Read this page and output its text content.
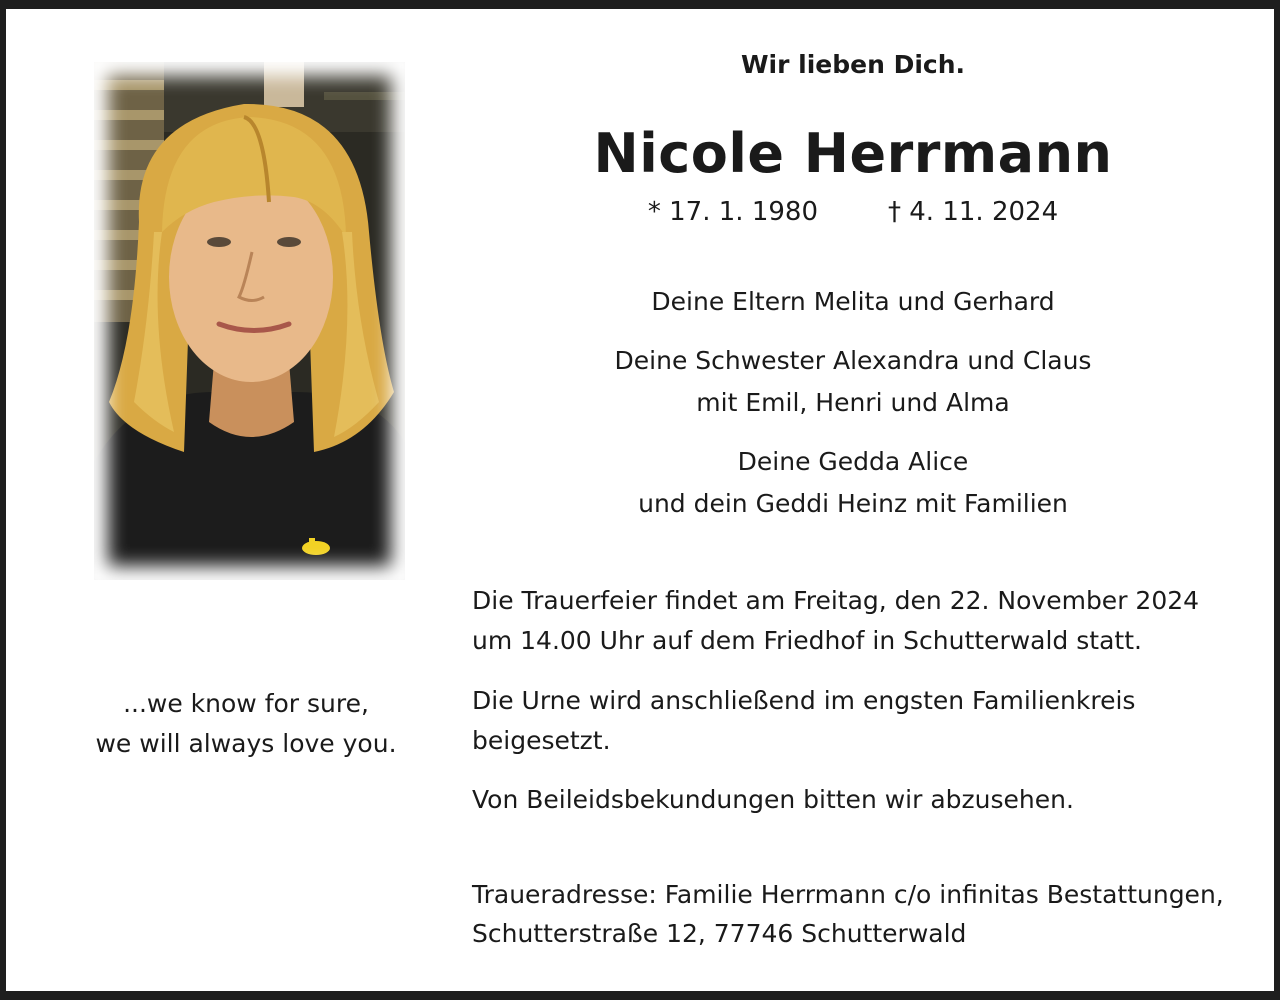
...we know for sure,
we will always love you.
Wir lieben Dich.
Nicole Herrmann
* 17. 1. 1980	† 4. 11. 2024
Deine Eltern Melita und Gerhard
Deine Schwester Alexandra und Claus
mit Emil, Henri und Alma
Deine Gedda Alice
und dein Geddi Heinz mit Familien
Die Trauerfeier findet am Freitag, den 22. November 2024
um 14.00 Uhr auf dem Friedhof in Schutterwald statt.
Die Urne wird anschließend im engsten Familienkreis
beigesetzt.
Von Beileidsbekundungen bitten wir abzusehen.
Traueradresse: Familie Herrmann c/o infinitas Bestattungen,
Schutterstraße 12, 77746 Schutterwald
